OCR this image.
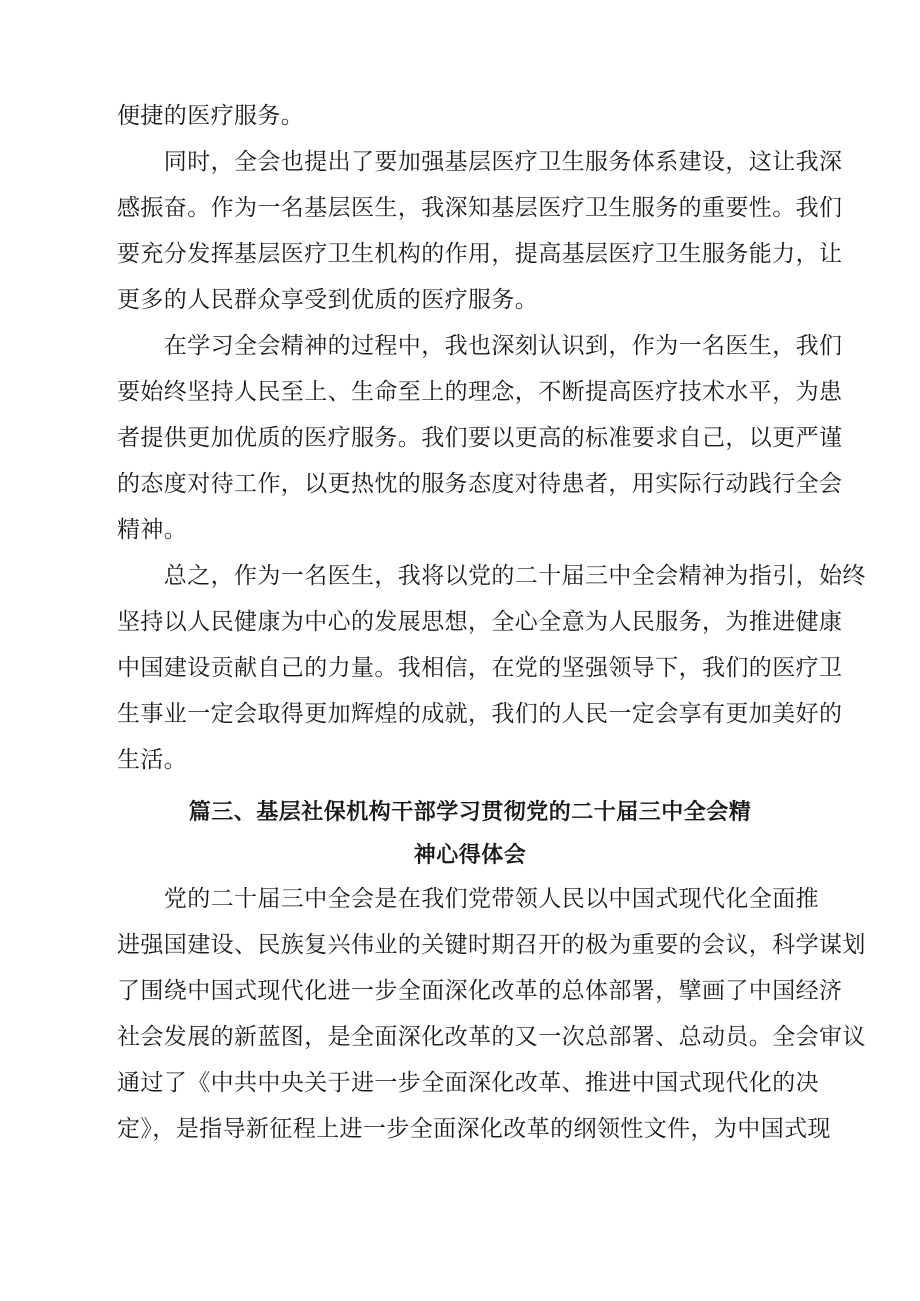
便捷的医疗服务。
　　同时，全会也提出了要加强基层医疗卫生服务体系建设，这让我深
感振奋。作为一名基层医生，我深知基层医疗卫生服务的重要性。我们
要充分发挥基层医疗卫生机构的作用，提高基层医疗卫生服务能力，让
更多的人民群众享受到优质的医疗服务。
　　在学习全会精神的过程中，我也深刻认识到，作为一名医生，我们
要始终坚持人民至上、生命至上的理念，不断提高医疗技术水平，为患
者提供更加优质的医疗服务。我们要以更高的标准要求自己，以更严谨
的态度对待工作，以更热忱的服务态度对待患者，用实际行动践行全会
精神。
　　总之，作为一名医生，我将以党的二十届三中全会精神为指引，始终
坚持以人民健康为中心的发展思想，全心全意为人民服务，为推进健康
中国建设贡献自己的力量。我相信，在党的坚强领导下，我们的医疗卫
生事业一定会取得更加辉煌的成就，我们的人民一定会享有更加美好的
生活。
篇三、基层社保机构干部学习贯彻党的二十届三中全会精
神心得体会
　　党的二十届三中全会是在我们党带领人民以中国式现代化全面推
进强国建设、民族复兴伟业的关键时期召开的极为重要的会议，科学谋划
了围绕中国式现代化进一步全面深化改革的总体部署，擘画了中国经济
社会发展的新蓝图，是全面深化改革的又一次总部署、总动员。全会审议
通过了《中共中央关于进一步全面深化改革、推进中国式现代化的决
定》，是指导新征程上进一步全面深化改革的纲领性文件，为中国式现
